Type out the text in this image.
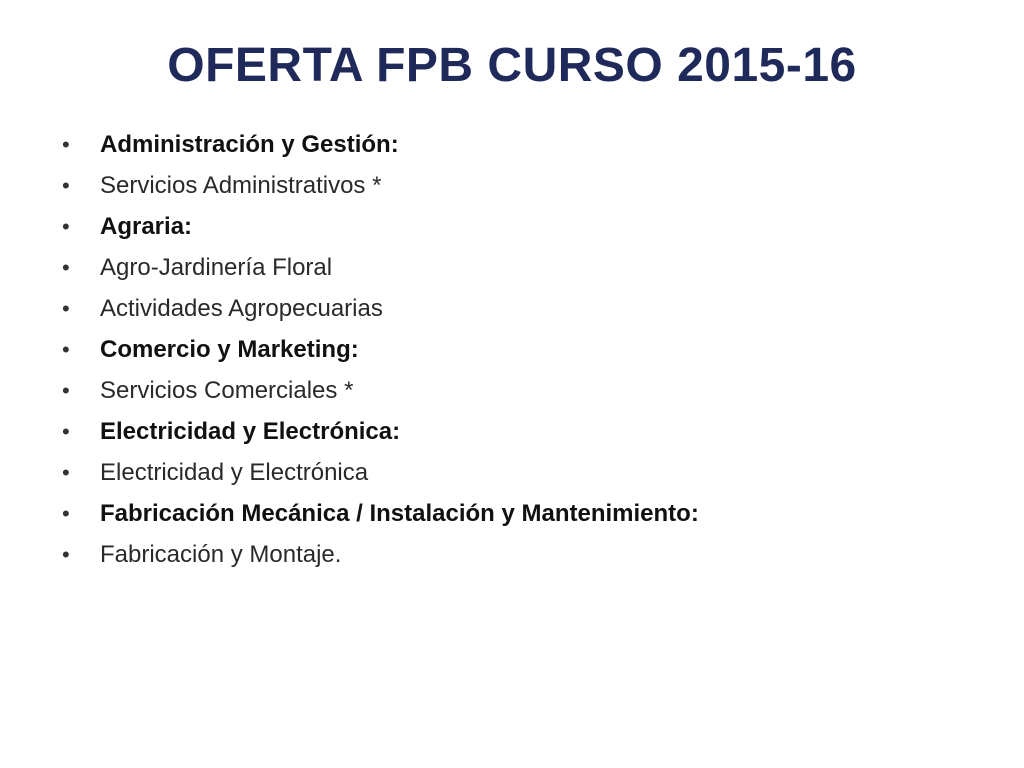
OFERTA FPB CURSO 2015-16
•	Administración y Gestión:
•	Servicios Administrativos *
•	Agraria:
•	Agro-Jardinería Floral
•	Actividades Agropecuarias
•	Comercio y Marketing:
•	Servicios Comerciales *
•	Electricidad y Electrónica:
•	Electricidad y Electrónica
•	Fabricación Mecánica / Instalación y Mantenimiento:
•	Fabricación y Montaje.
